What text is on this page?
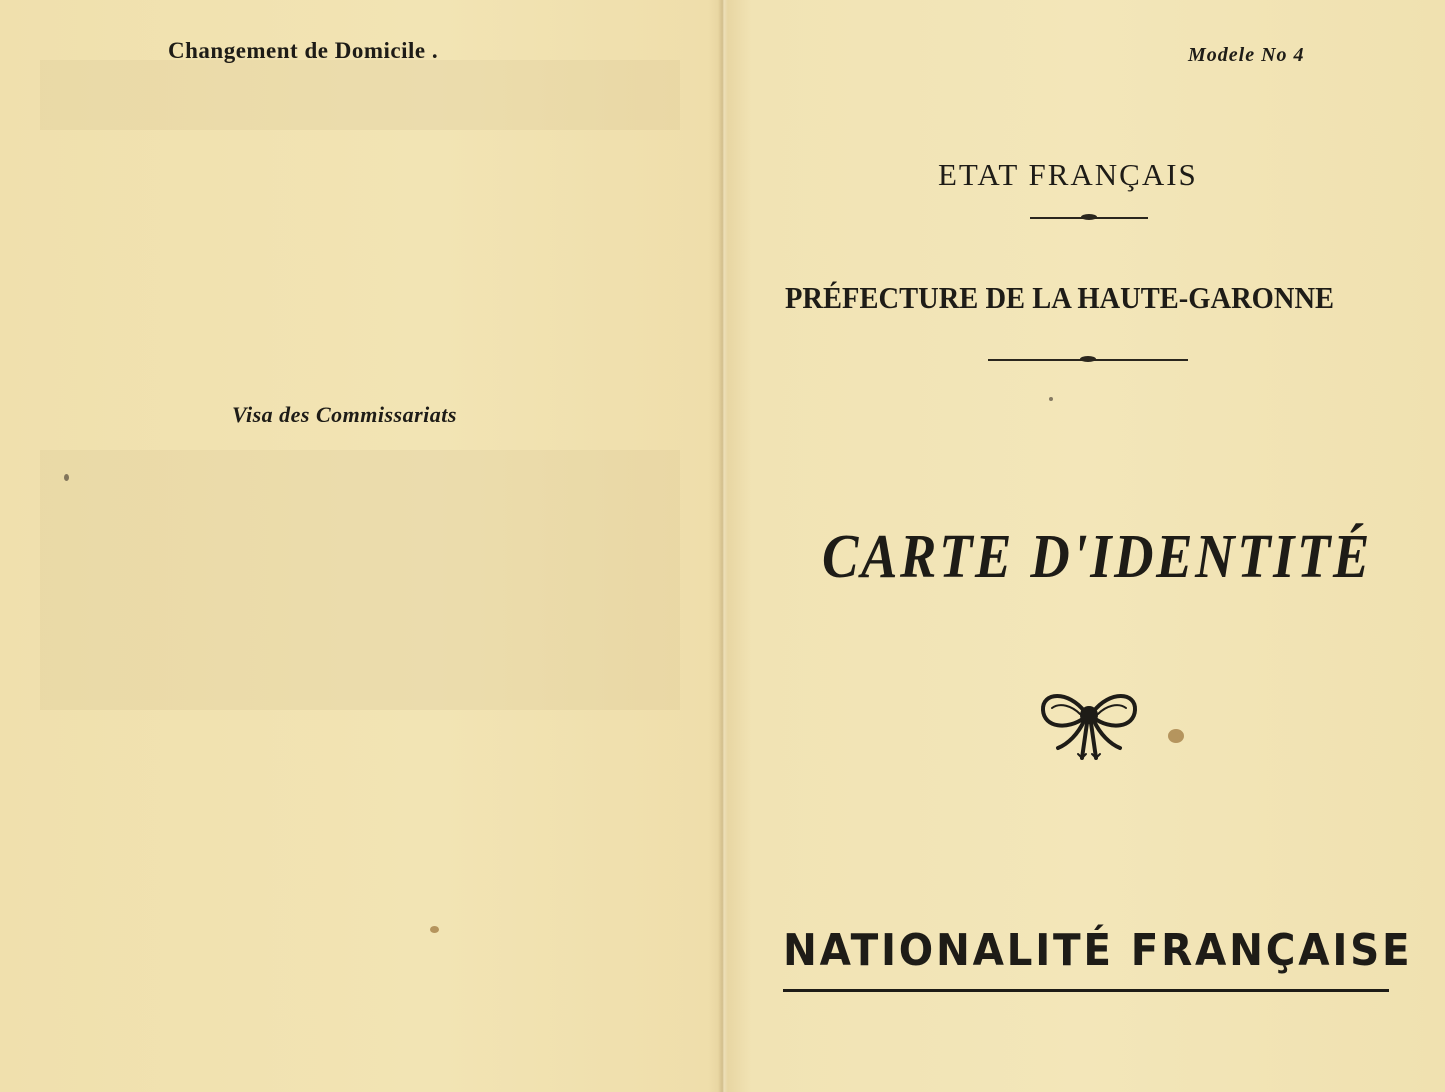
Changement de Domicile .

Visa des Commissariats

Modele No 4

ETAT FRANÇAIS

PRÉFECTURE DE LA HAUTE-GARONNE

CARTE D'IDENTITÉ

NATIONALITÉ FRANÇAISE
